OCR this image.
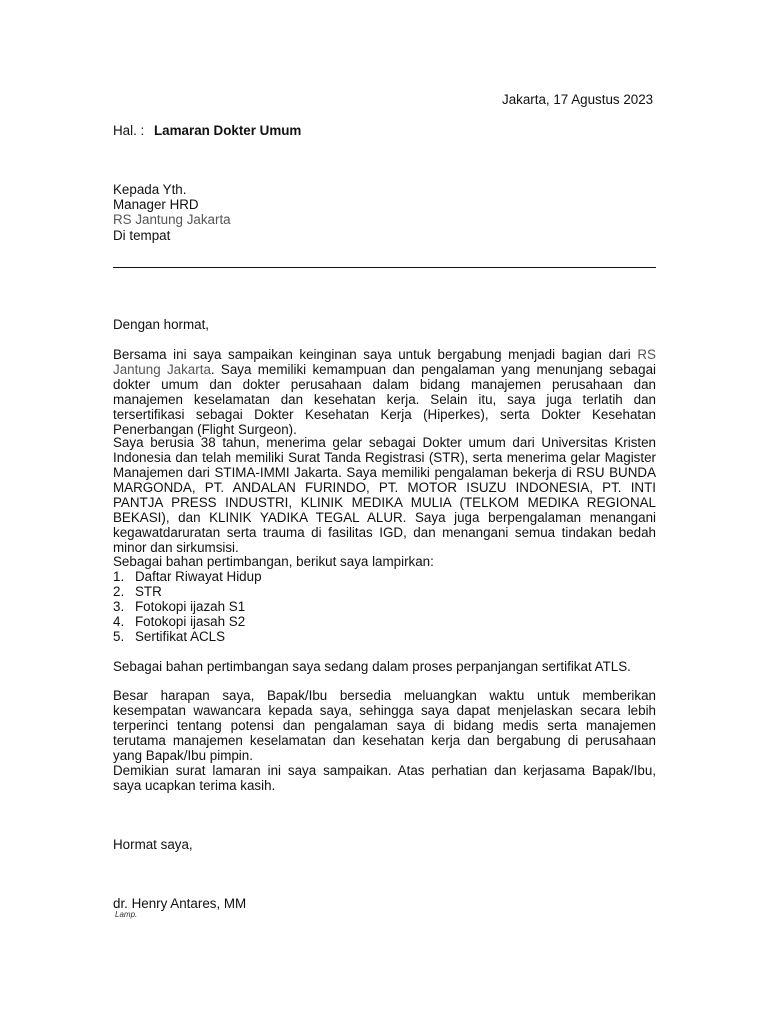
Jakarta, 17 Agustus 2023
Hal. : Lamaran Dokter Umum
Kepada Yth.
Manager HRD
RS Jantung Jakarta
Di tempat
Dengan hormat,
Bersama ini saya sampaikan keinginan saya untuk bergabung menjadi bagian dari RS Jantung Jakarta. Saya memiliki kemampuan dan pengalaman yang menunjang sebagai dokter umum dan dokter perusahaan dalam bidang manajemen perusahaan dan manajemen keselamatan dan kesehatan kerja. Selain itu, saya juga terlatih dan tersertifikasi sebagai Dokter Kesehatan Kerja (Hiperkes), serta Dokter Kesehatan Penerbangan (Flight Surgeon).
Saya berusia 38 tahun, menerima gelar sebagai Dokter umum dari Universitas Kristen Indonesia dan telah memiliki Surat Tanda Registrasi (STR), serta menerima gelar Magister Manajemen dari STIMA-IMMI Jakarta. Saya memiliki pengalaman bekerja di RSU BUNDA MARGONDA, PT. ANDALAN FURINDO, PT. MOTOR ISUZU INDONESIA, PT. INTI PANTJA PRESS INDUSTRI, KLINIK MEDIKA MULIA (TELKOM MEDIKA REGIONAL BEKASI), dan KLINIK YADIKA TEGAL ALUR. Saya juga berpengalaman menangani kegawatdaruratan serta trauma di fasilitas IGD, dan menangani semua tindakan bedah minor dan sirkumsisi.
Sebagai bahan pertimbangan, berikut saya lampirkan:
1. Daftar Riwayat Hidup
2. STR
3. Fotokopi ijazah S1
4. Fotokopi ijasah S2
5. Sertifikat ACLS
Sebagai bahan pertimbangan saya sedang dalam proses perpanjangan sertifikat ATLS.
Besar harapan saya, Bapak/Ibu bersedia meluangkan waktu untuk memberikan kesempatan wawancara kepada saya, sehingga saya dapat menjelaskan secara lebih terperinci tentang potensi dan pengalaman saya di bidang medis serta manajemen terutama manajemen keselamatan dan kesehatan kerja dan bergabung di perusahaan yang Bapak/Ibu pimpin.
Demikian surat lamaran ini saya sampaikan. Atas perhatian dan kerjasama Bapak/Ibu, saya ucapkan terima kasih.
Hormat saya,
dr. Henry Antares, MM
Lamp.
